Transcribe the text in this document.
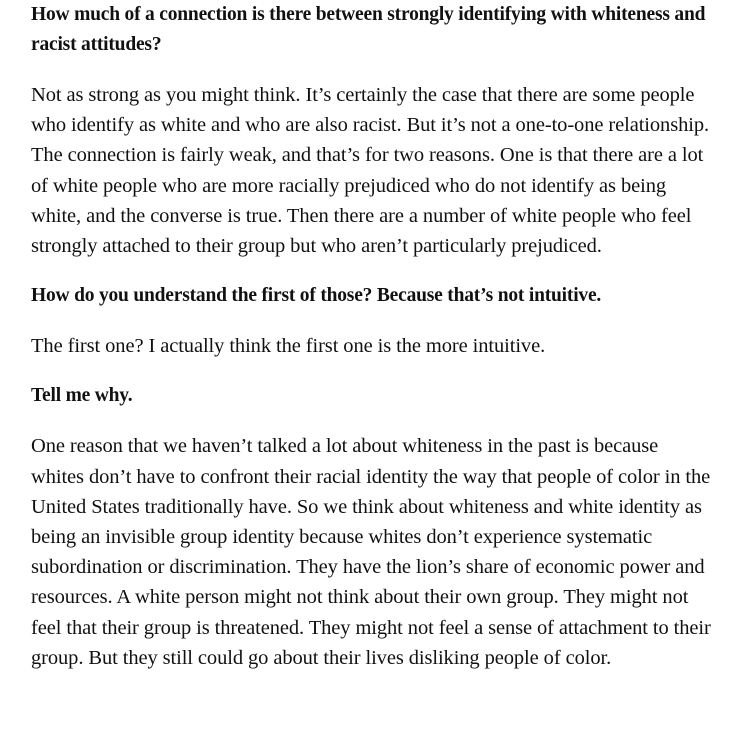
How much of a connection is there between strongly identifying with whiteness and racist attitudes?

Not as strong as you might think. It’s certainly the case that there are some people who identify as white and who are also racist. But it’s not a one-to-one relationship. The connection is fairly weak, and that’s for two reasons. One is that there are a lot of white people who are more racially prejudiced who do not identify as being white, and the converse is true. Then there are a number of white people who feel strongly attached to their group but who aren’t particularly prejudiced.

How do you understand the first of those? Because that’s not intuitive.

The first one? I actually think the first one is the more intuitive.

Tell me why.

One reason that we haven’t talked a lot about whiteness in the past is because whites don’t have to confront their racial identity the way that people of color in the United States traditionally have. So we think about whiteness and white identity as being an invisible group identity because whites don’t experience systematic subordination or discrimination. They have the lion’s share of economic power and resources. A white person might not think about their own group. They might not feel that their group is threatened. They might not feel a sense of attachment to their group. But they still could go about their lives disliking people of color.
